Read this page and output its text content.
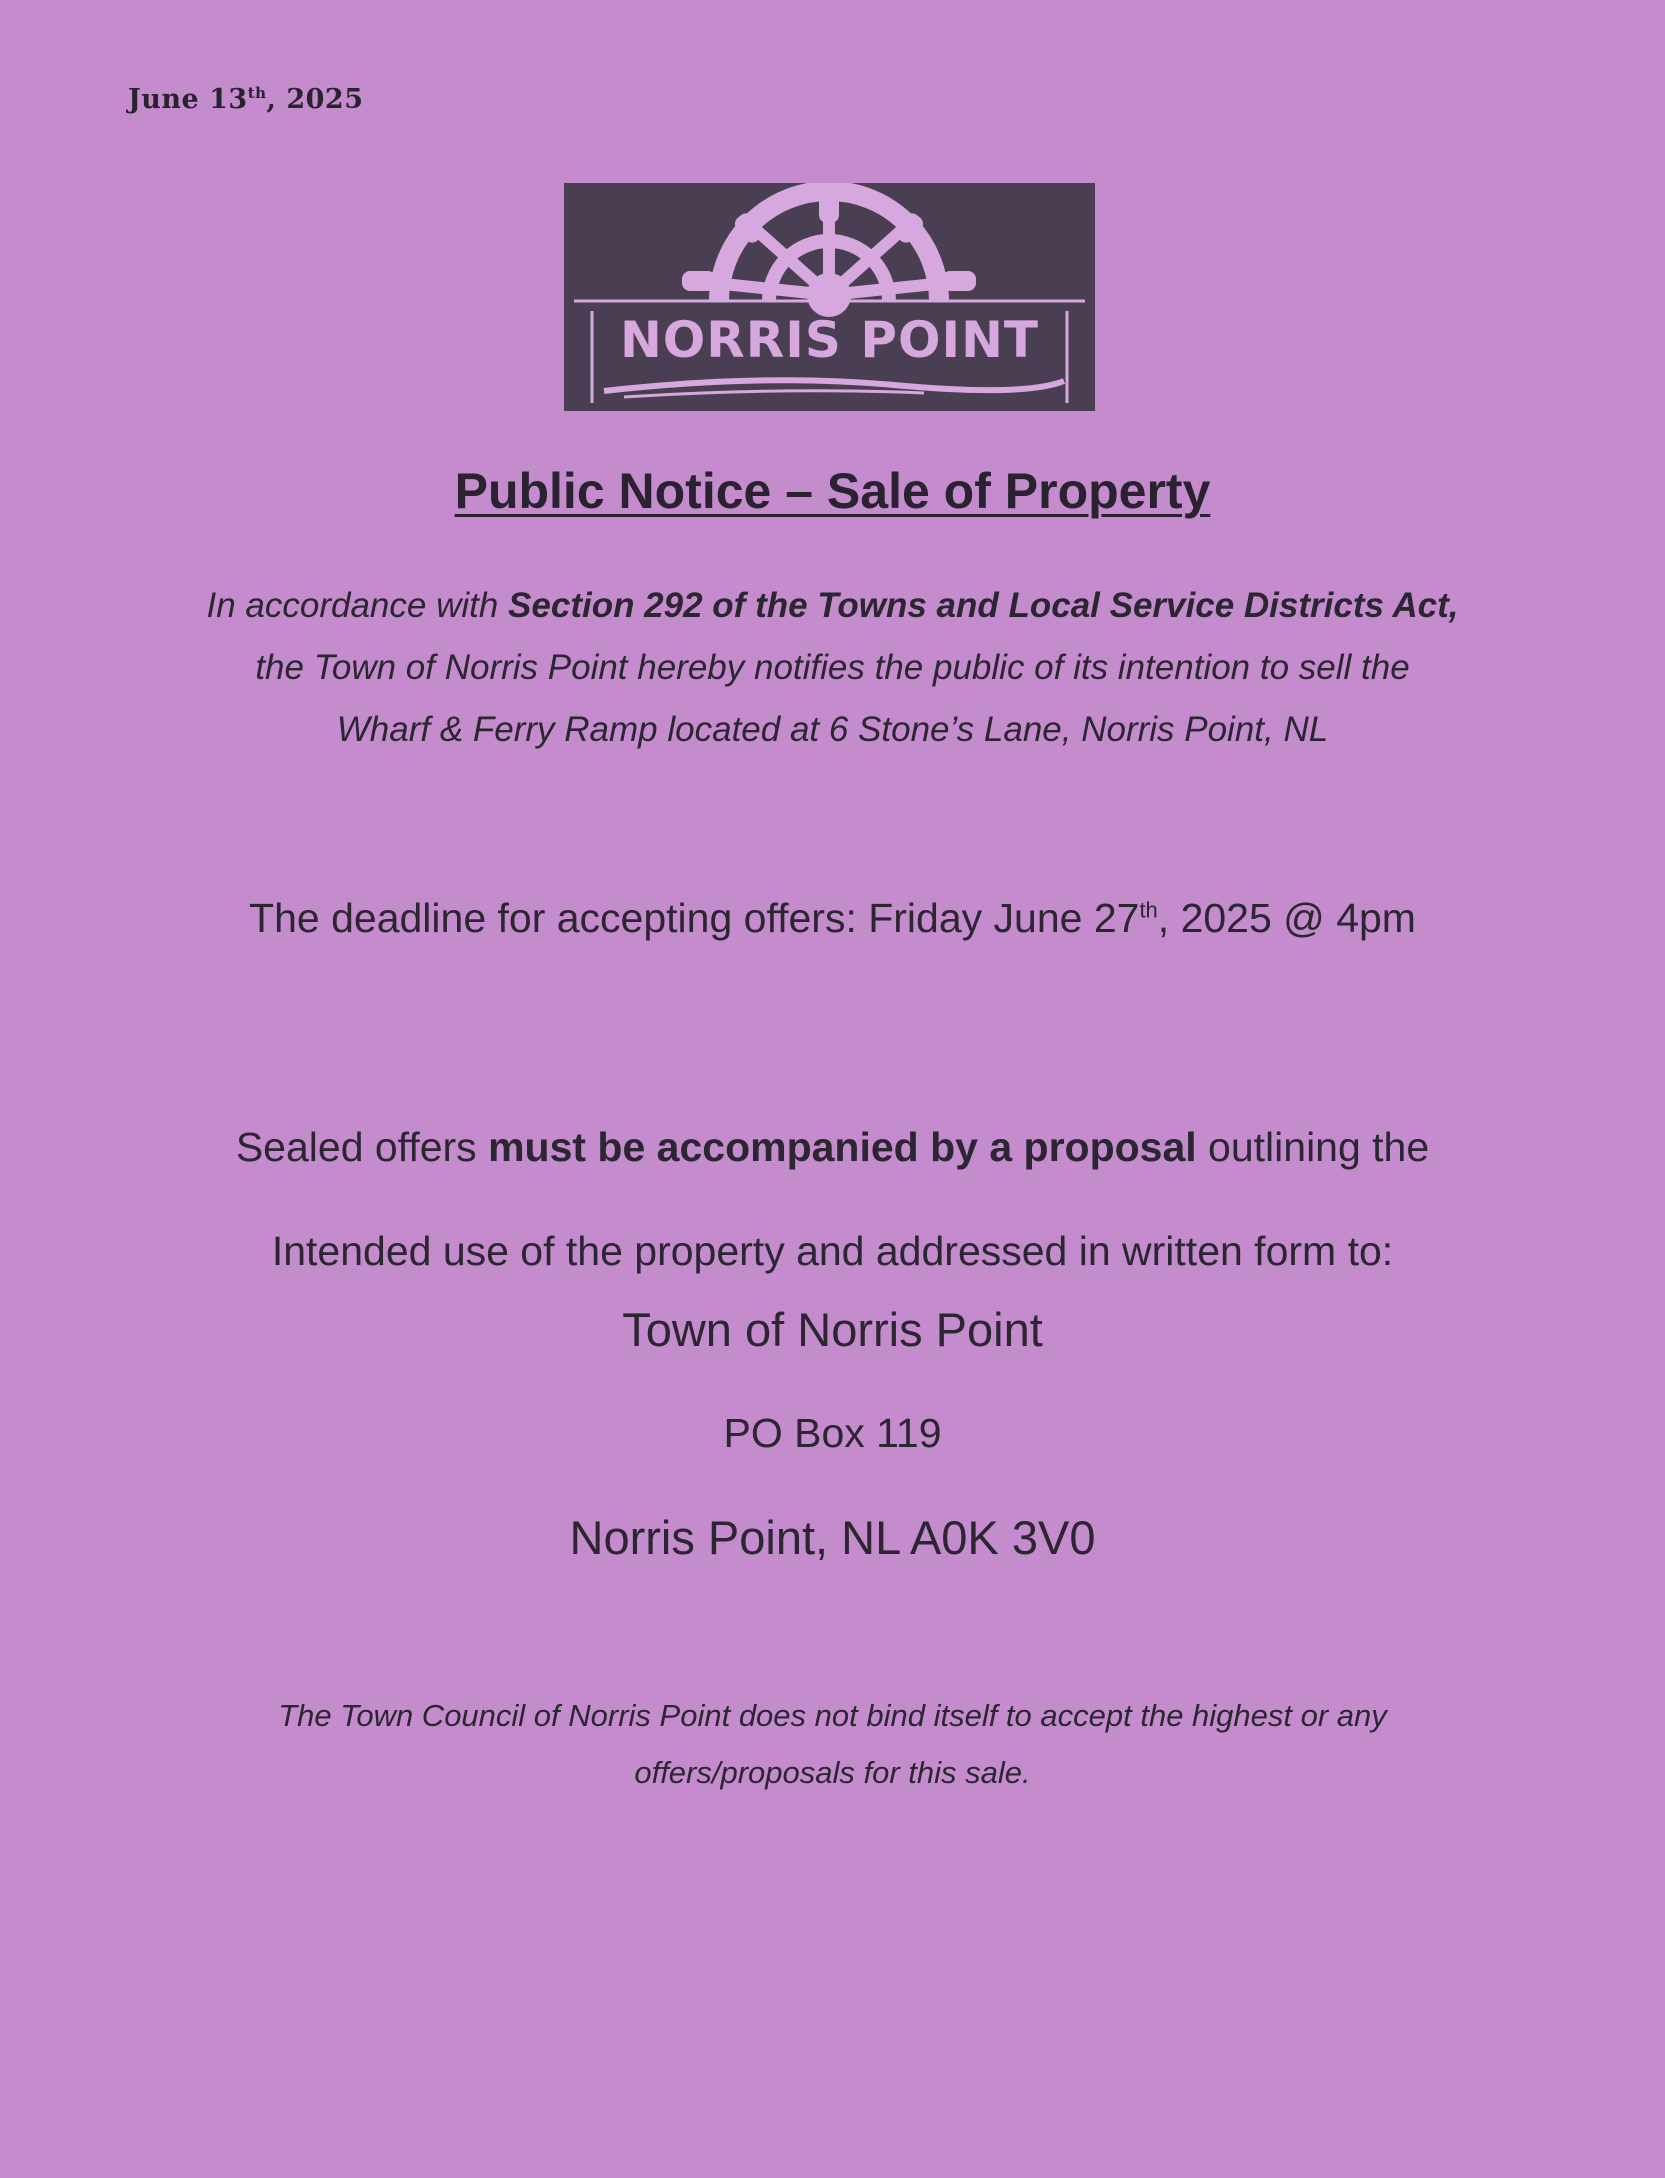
June 13th, 2025
NORRIS POINT
Public Notice – Sale of Property
In accordance with Section 292 of the Towns and Local Service Districts Act,
the Town of Norris Point hereby notifies the public of its intention to sell the
Wharf & Ferry Ramp located at 6 Stone’s Lane, Norris Point, NL
The deadline for accepting offers: Friday June 27th, 2025 @ 4pm
Sealed offers must be accompanied by a proposal outlining the
Intended use of the property and addressed in written form to:
Town of Norris Point
PO Box 119
Norris Point, NL A0K 3V0
The Town Council of Norris Point does not bind itself to accept the highest or any
offers/proposals for this sale.
